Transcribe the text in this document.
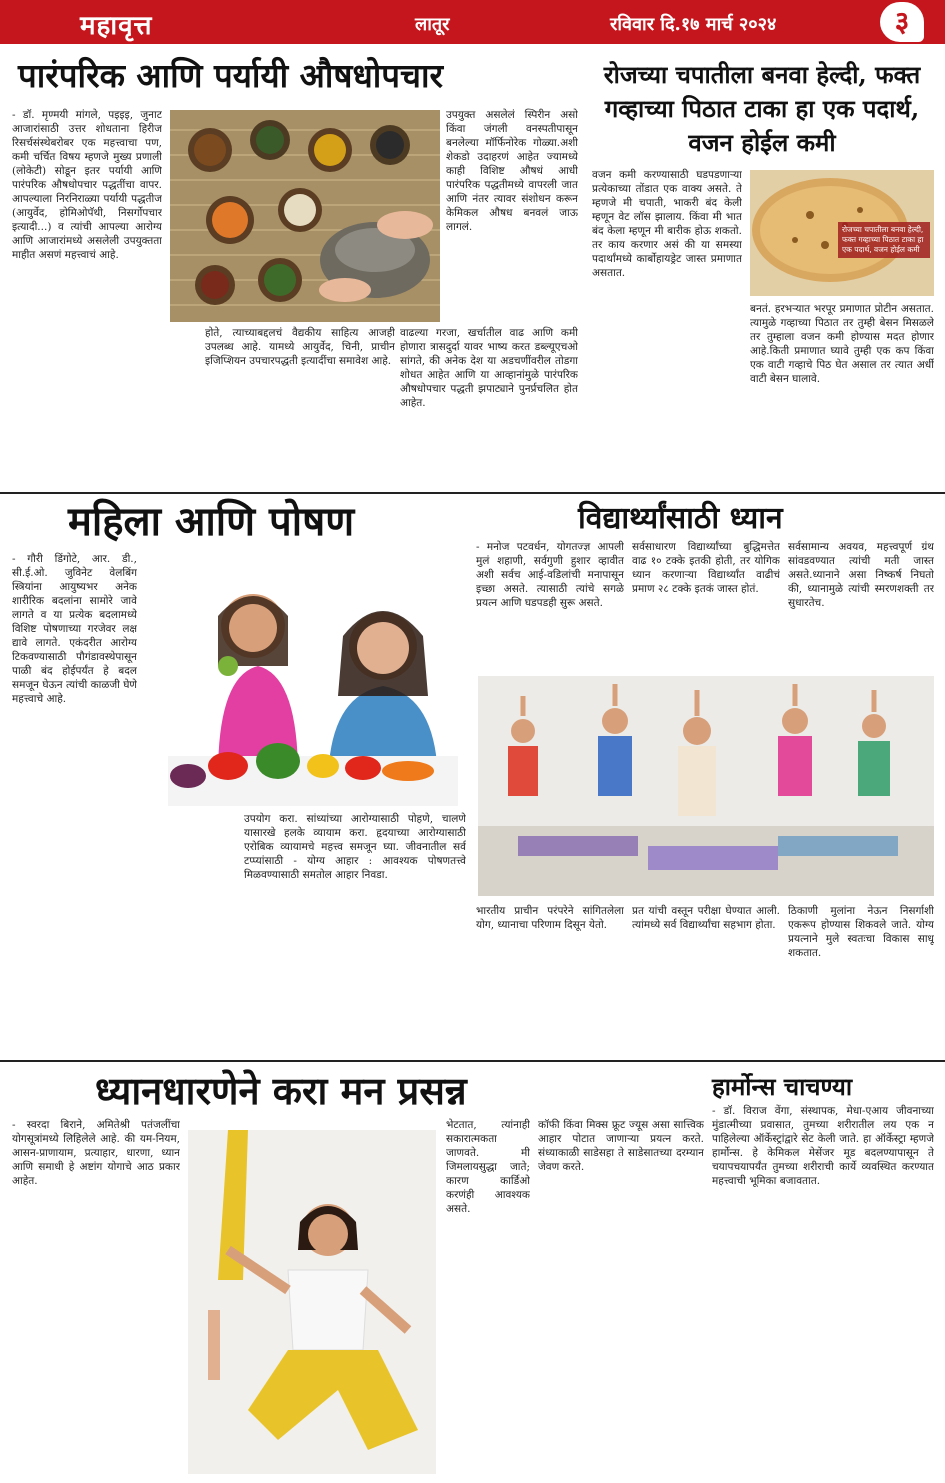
महावृत्त	लातूर	रविवार दि.१७ मार्च २०२४	३
पारंपरिक आणि पर्यायी औषधोपचार
- डॉ. मृण्मयी मांगले, पइइइ, जुनाट आजारांसाठी उत्तर शोधताना हिरीज रिसर्चसंस्थेबरोबर एक महत्त्वाचा पण, कमी चर्चित विषय म्हणजे मुख्य प्रणाली (लोकेटी) सोडून इतर पर्यायी आणि पारंपरिक औषधोपचार पद्धतींचा वापर. आपल्याला निरनिराळ्या पर्यायी पद्धतीज (आयुर्वेद, होमिओपॅथी, निसर्गोपचार इत्यादी...) व त्यांची आपल्या आरोग्य आणि आजारांमध्ये असलेली उपयुक्तता माहीत असणं महत्त्वाचं आहे.
होते, त्याच्याबद्दलचं वैद्यकीय साहित्य आजही उपलब्ध आहे. यामध्ये आयुर्वेद, चिनी, प्राचीन इजिप्शियन उपचारपद्धती इत्यादींचा समावेश आहे.
उपयुक्त असलेलं स्पिरीन असो किंवा जंगली वनस्पतीपासून बनलेल्या मॉर्फिनोरेक गोळ्या.अशी शेकडो उदाहरणं आहेत ज्यामध्ये काही विशिष्ट औषधं आधी पारंपरिक पद्धतीमध्ये वापरली जात आणि नंतर त्यावर संशोधन करून केमिकल औषध बनवलं जाऊ लागलं.
वाढल्या गरजा, खर्चातील वाढ आणि कमी होणारा त्रासदुर्दा यावर भाष्य करत डब्ल्यूएचओ सांगते, की अनेक देश या अडचणींवरील तोडगा शोधत आहेत आणि या आव्हानांमुळे पारंपरिक औषधोपचार पद्धती झपाट्याने पुनर्प्रचलित होत आहेत.
रोजच्या चपातीला बनवा हेल्दी, फक्त गव्हाच्या पिठात टाका हा एक पदार्थ, वजन होईल कमी
वजन कमी करण्यासाठी घडपडणाऱ्या प्रत्येकाच्या तोंडात एक वाक्य असते. ते म्हणजे मी चपाती, भाकरी बंद केली म्हणून वेट लॉस झालाय. किंवा मी भात बंद केला म्हणून मी बारीक होऊ शकतो. तर काय करणार असं की या समस्या पदार्थांमध्ये कार्बोहायड्रेट जास्त प्रमाणात असतात.
रोजच्या चपातीला बनवा हेल्दी, फक्त गव्हाच्या पिठात टाका हा एक पदार्थ, वजन होईल कमी
बनतं. हरभऱ्यात भरपूर प्रमाणात प्रोटीन असतात. त्यामुळे गव्हाच्या पिठात तर तुम्ही बेसन मिसळले तर तुम्हाला वजन कमी होण्यास मदत होणार आहे.किती प्रमाणात घ्यावे तुम्ही एक कप किंवा एक वाटी गव्हाचे पिठ घेत असाल तर त्यात अर्धी वाटी बेसन घालावे.
महिला आणि पोषण
- गौरी डिंगोटे, आर. डी., सी.ई.ओ. जुविनेट वेलबिंग स्त्रियांना आयुष्यभर अनेक शारीरिक बदलांना सामोरे जावे लागते व या प्रत्येक बदलामध्ये विशिष्ट पोषणाच्या गरजेवर लक्ष द्यावे लागते. एकंदरीत आरोग्य टिकवण्यासाठी पौगंडावस्थेपासून पाळी बंद होईपर्यंत हे बदल समजून घेऊन त्यांची काळजी घेणे महत्त्वाचे आहे.
उपयोग करा. सांध्यांच्या आरोग्यासाठी पोहणे, चालणे यासारखे हलके व्यायाम करा. हृदयाच्या आरोग्यासाठी एरोबिक व्यायामचे महत्त्व समजून घ्या. जीवनातील सर्व टप्प्यांसाठी - योग्य आहार : आवश्यक पोषणतत्त्वे मिळवण्यासाठी समतोल आहार निवडा.
विद्यार्थ्यांसाठी ध्यान
- मनोज पटवर्धन, योगतज्ज्ञ आपली मुलं शहाणी, सर्वगुणी हुशार व्हावीत अशी सर्वच आई-वडिलांची मनापासून इच्छा असते. त्यासाठी त्यांचे सगळे प्रयत्न आणि घडपडही सुरू असते.
सर्वसाधारण विद्यार्थ्यांच्या बुद्धिमत्तेत वाढ १० टक्के इतकी होती, तर योगिक ध्यान करणाऱ्या विद्यार्थ्यांत वाढीचं प्रमाण २८ टक्के इतकं जास्त होतं.
सर्वसामान्य अवयव, महत्त्वपूर्ण ग्रंथ सांवडवण्यात त्यांची मती जास्त असते.ध्यानाने असा निष्कर्ष निघतो की, ध्यानामुळे त्यांची स्मरणशक्ती तर सुधारतेच.
भारतीय प्राचीन परंपरेने सांगितलेला योग, ध्यानाचा परिणाम दिसून येतो.
प्रत यांची वस्तून परीक्षा घेण्यात आली. त्यांमध्ये सर्व विद्यार्थ्यांचा सहभाग होता.
ठिकाणी मुलांना नेऊन निसर्गाशी एकरूप होण्यास शिकवले जाते. योग्य प्रयत्नाने मुले स्वतःचा विकास साधू शकतात.
ध्यानधारणेने करा मन प्रसन्न
- स्वरदा बिराने, अमितेश्री पतंजलींचा योगसूत्रांमध्ये लिहिलेले आहे. की यम-नियम, आसन-प्राणायाम, प्रत्याहार, धारणा, ध्यान आणि समाधी हे अष्टांग योगाचे आठ प्रकार आहेत.
भेटतात, त्यांनाही सकारात्मकता जाणवते. मी जिमलायसुद्धा जाते; कारण कार्डिओ करणंही आवश्यक असते.
कॉफी किंवा मिक्स फ्रूट ज्यूस असा सात्त्विक आहार पोटात जाणाऱ्या प्रयत्न करते. संध्याकाळी साडेसहा ते साडेसातच्या दरम्यान जेवण करते.
हार्मोन्स चाचण्या
- डॉ. विराज वेंगा, संस्थापक, मेधा-एआय जीवनाच्या मुंडात्मीच्या प्रवासात, तुमच्या शरीरातील लय एक न पाहिलेल्या ऑर्केस्ट्रांद्वारे सेट केली जाते. हा ऑर्केस्ट्रा म्हणजे हार्मोन्स. हे केमिकल मेसेंजर मूड बदलण्यापासून ते चयापचयापर्यंत तुमच्या शरीराची कार्ये व्यवस्थित करण्यात महत्त्वाची भूमिका बजावतात.
